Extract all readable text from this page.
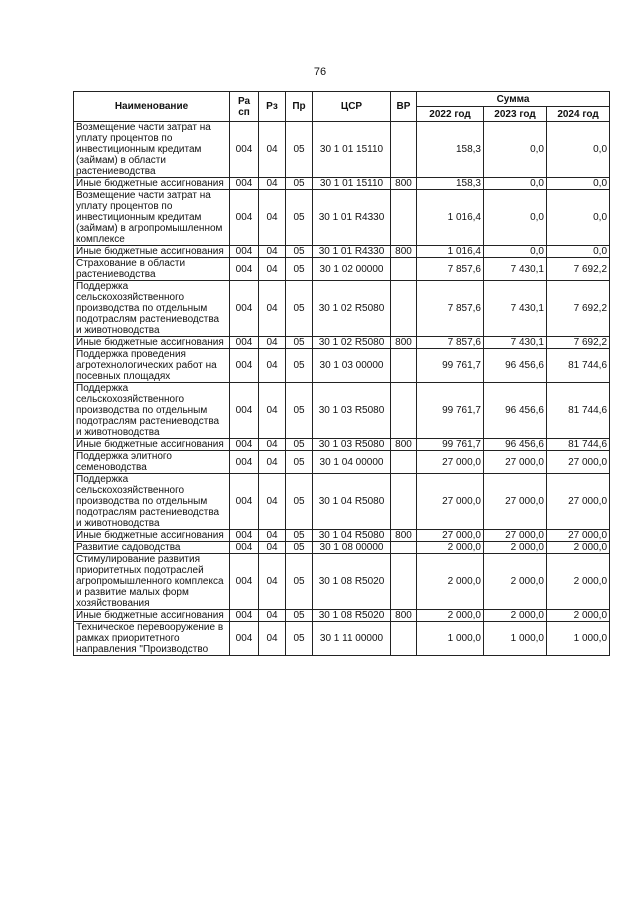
76
Наименование	Ра сп	Рз	Пр	ЦСР	ВР	Сумма		
						2022 год	2023 год	2024 год
Возмещение части затрат на уплату процентов по инвестиционным кредитам (займам) в области растениеводства	004	04	05	30 1 01 15110		158,3	0,0	0,0
Иные бюджетные ассигнования	004	04	05	30 1 01 15110	800	158,3	0,0	0,0
Возмещение части затрат на уплату процентов по инвестиционным кредитам (займам) в агропромышленном комплексе	004	04	05	30 1 01 R4330		1 016,4	0,0	0,0
Иные бюджетные ассигнования	004	04	05	30 1 01 R4330	800	1 016,4	0,0	0,0
Страхование в области растениеводства	004	04	05	30 1 02 00000		7 857,6	7 430,1	7 692,2
Поддержка сельскохозяйственного производства по отдельным подотраслям растениеводства и животноводства	004	04	05	30 1 02 R5080		7 857,6	7 430,1	7 692,2
Иные бюджетные ассигнования	004	04	05	30 1 02 R5080	800	7 857,6	7 430,1	7 692,2
Поддержка проведения агротехнологических работ на посевных площадях	004	04	05	30 1 03 00000		99 761,7	96 456,6	81 744,6
Поддержка сельскохозяйственного производства по отдельным подотраслям растениеводства и животноводства	004	04	05	30 1 03 R5080		99 761,7	96 456,6	81 744,6
Иные бюджетные ассигнования	004	04	05	30 1 03 R5080	800	99 761,7	96 456,6	81 744,6
Поддержка элитного семеноводства	004	04	05	30 1 04 00000		27 000,0	27 000,0	27 000,0
Поддержка сельскохозяйственного производства по отдельным подотраслям растениеводства и животноводства	004	04	05	30 1 04 R5080		27 000,0	27 000,0	27 000,0
Иные бюджетные ассигнования	004	04	05	30 1 04 R5080	800	27 000,0	27 000,0	27 000,0
Развитие садоводства	004	04	05	30 1 08 00000		2 000,0	2 000,0	2 000,0
Стимулирование развития приоритетных подотраслей агропромышленного комплекса и развитие малых форм хозяйствования	004	04	05	30 1 08 R5020		2 000,0	2 000,0	2 000,0
Иные бюджетные ассигнования	004	04	05	30 1 08 R5020	800	2 000,0	2 000,0	2 000,0
Техническое перевооружение в рамках приоритетного направления "Производство	004	04	05	30 1 11 00000		1 000,0	1 000,0	1 000,0
